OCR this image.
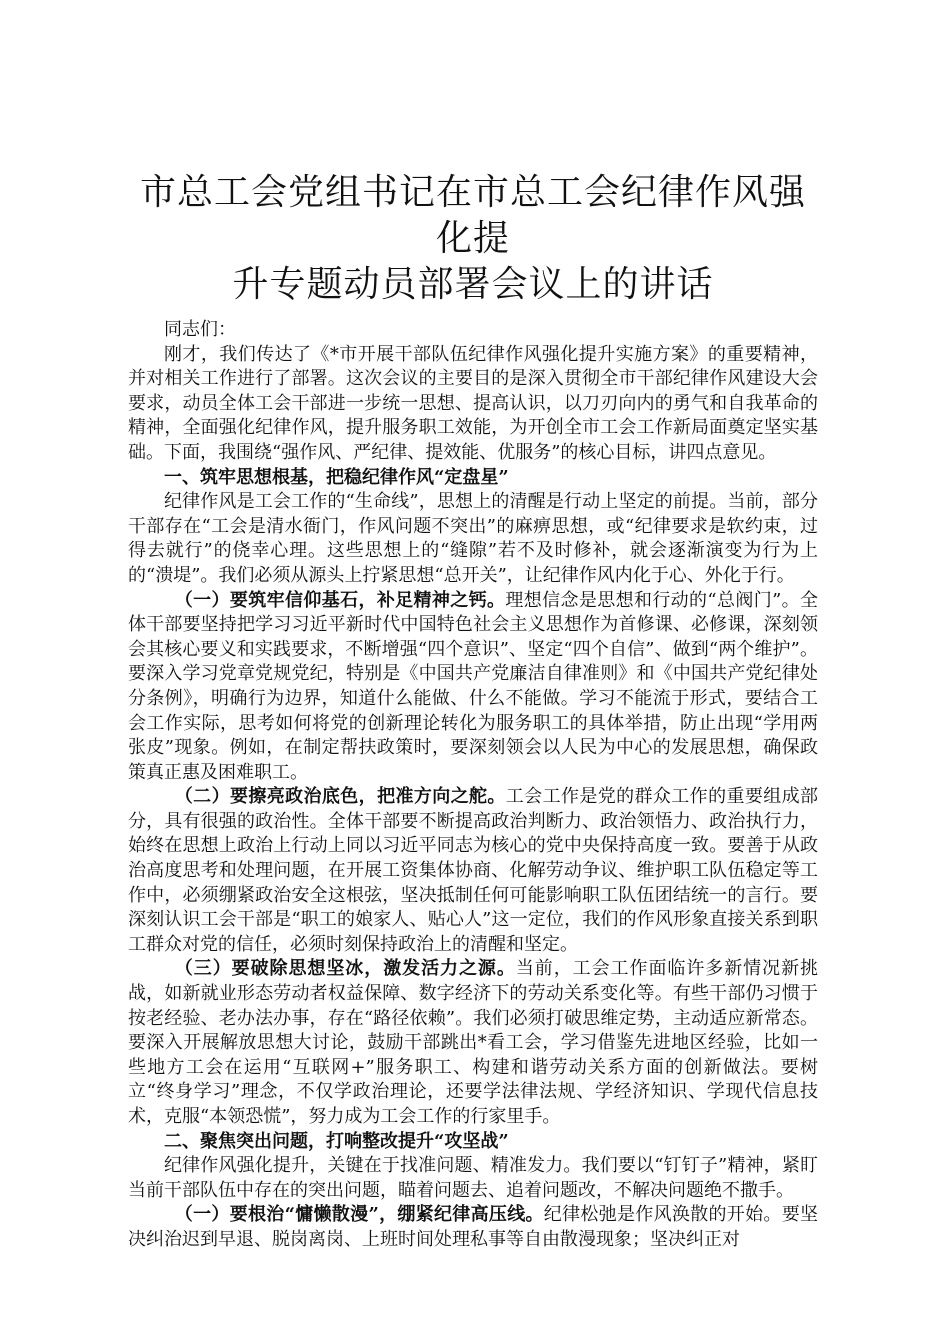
市总工会党组书记在市总工会纪律作风强化提
升专题动员部署会议上的讲话

同志们：

刚才，我们传达了《*市开展干部队伍纪律作风强化提升实施方案》的重要精神，并对相关工作进行了部署。这次会议的主要目的是深入贯彻全市干部纪律作风建设大会要求，动员全体工会干部进一步统一思想、提高认识，以刀刃向内的勇气和自我革命的精神，全面强化纪律作风，提升服务职工效能，为开创全市工会工作新局面奠定坚实基础。下面，我围绕“强作风、严纪律、提效能、优服务”的核心目标，讲四点意见。

一、筑牢思想根基，把稳纪律作风“定盘星”

纪律作风是工会工作的“生命线”，思想上的清醒是行动上坚定的前提。当前，部分干部存在“工会是清水衙门，作风问题不突出”的麻痹思想，或“纪律要求是软约束，过得去就行”的侥幸心理。这些思想上的“缝隙”若不及时修补，就会逐渐演变为行为上的“溃堤”。我们必须从源头上拧紧思想“总开关”，让纪律作风内化于心、外化于行。

（一）要筑牢信仰基石，补足精神之钙。理想信念是思想和行动的“总阀门”。全体干部要坚持把学习习近平新时代中国特色社会主义思想作为首修课、必修课，深刻领会其核心要义和实践要求，不断增强“四个意识”、坚定“四个自信”、做到“两个维护”。要深入学习党章党规党纪，特别是《中国共产党廉洁自律准则》和《中国共产党纪律处分条例》，明确行为边界，知道什么能做、什么不能做。学习不能流于形式，要结合工会工作实际，思考如何将党的创新理论转化为服务职工的具体举措，防止出现“学用两张皮”现象。例如，在制定帮扶政策时，要深刻领会以人民为中心的发展思想，确保政策真正惠及困难职工。

（二）要擦亮政治底色，把准方向之舵。工会工作是党的群众工作的重要组成部分，具有很强的政治性。全体干部要不断提高政治判断力、政治领悟力、政治执行力，始终在思想上政治上行动上同以习近平同志为核心的党中央保持高度一致。要善于从政治高度思考和处理问题，在开展工资集体协商、化解劳动争议、维护职工队伍稳定等工作中，必须绷紧政治安全这根弦，坚决抵制任何可能影响职工队伍团结统一的言行。要深刻认识工会干部是“职工的娘家人、贴心人”这一定位，我们的作风形象直接关系到职工群众对党的信任，必须时刻保持政治上的清醒和坚定。

（三）要破除思想坚冰，激发活力之源。当前，工会工作面临许多新情况新挑战，如新就业形态劳动者权益保障、数字经济下的劳动关系变化等。有些干部仍习惯于按老经验、老办法办事，存在“路径依赖”。我们必须打破思维定势，主动适应新常态。要深入开展解放思想大讨论，鼓励干部跳出*看工会，学习借鉴先进地区经验，比如一些地方工会在运用“互联网+”服务职工、构建和谐劳动关系方面的创新做法。要树立“终身学习”理念，不仅学政治理论，还要学法律法规、学经济知识、学现代信息技术，克服“本领恐慌”，努力成为工会工作的行家里手。

二、聚焦突出问题，打响整改提升“攻坚战”

纪律作风强化提升，关键在于找准问题、精准发力。我们要以“钉钉子”精神，紧盯当前干部队伍中存在的突出问题，瞄着问题去、追着问题改，不解决问题绝不撒手。

（一）要根治“慵懒散漫”，绷紧纪律高压线。纪律松弛是作风涣散的开始。要坚决纠治迟到早退、脱岗离岗、上班时间处理私事等自由散漫现象；坚决纠正对
